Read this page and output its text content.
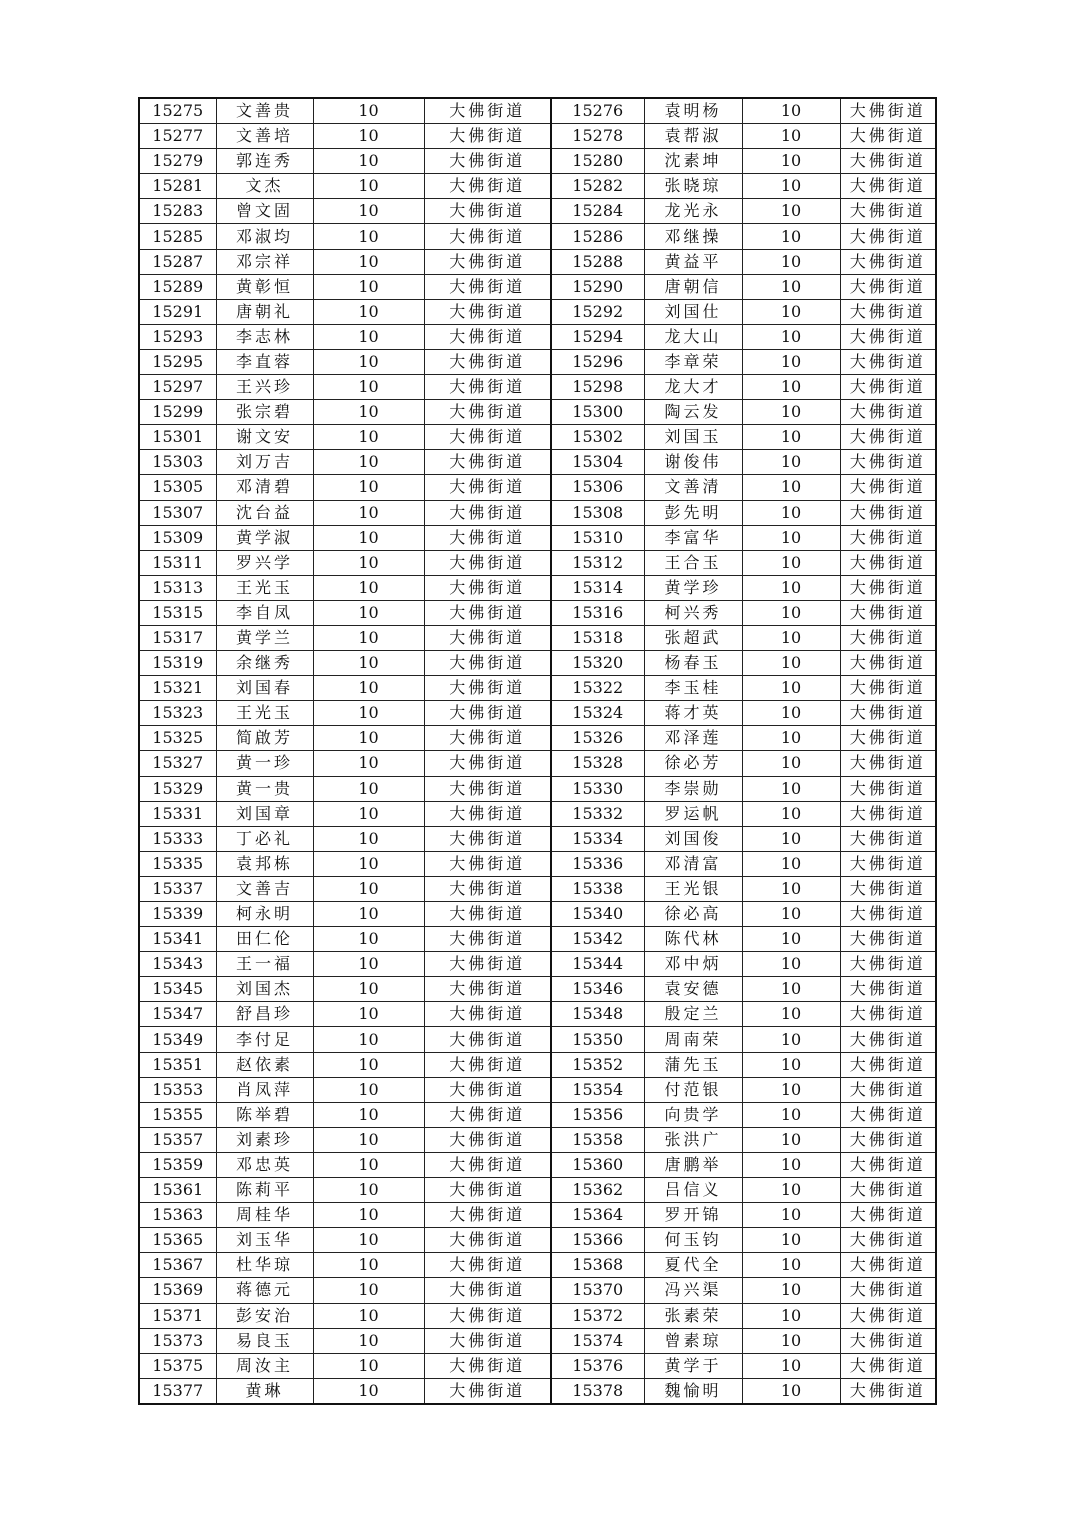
15275	文善贵	10	大佛街道	15276	袁明杨	10	大佛街道
15277	文善培	10	大佛街道	15278	袁帮淑	10	大佛街道
15279	郭连秀	10	大佛街道	15280	沈素坤	10	大佛街道
15281	文杰	10	大佛街道	15282	张晓琼	10	大佛街道
15283	曾文固	10	大佛街道	15284	龙光永	10	大佛街道
15285	邓淑均	10	大佛街道	15286	邓继操	10	大佛街道
15287	邓宗祥	10	大佛街道	15288	黄益平	10	大佛街道
15289	黄彰恒	10	大佛街道	15290	唐朝信	10	大佛街道
15291	唐朝礼	10	大佛街道	15292	刘国仕	10	大佛街道
15293	李志林	10	大佛街道	15294	龙大山	10	大佛街道
15295	李直蓉	10	大佛街道	15296	李章荣	10	大佛街道
15297	王兴珍	10	大佛街道	15298	龙大才	10	大佛街道
15299	张宗碧	10	大佛街道	15300	陶云发	10	大佛街道
15301	谢文安	10	大佛街道	15302	刘国玉	10	大佛街道
15303	刘万吉	10	大佛街道	15304	谢俊伟	10	大佛街道
15305	邓清碧	10	大佛街道	15306	文善清	10	大佛街道
15307	沈台益	10	大佛街道	15308	彭先明	10	大佛街道
15309	黄学淑	10	大佛街道	15310	李富华	10	大佛街道
15311	罗兴学	10	大佛街道	15312	王合玉	10	大佛街道
15313	王光玉	10	大佛街道	15314	黄学珍	10	大佛街道
15315	李自凤	10	大佛街道	15316	柯兴秀	10	大佛街道
15317	黄学兰	10	大佛街道	15318	张超武	10	大佛街道
15319	余继秀	10	大佛街道	15320	杨春玉	10	大佛街道
15321	刘国春	10	大佛街道	15322	李玉桂	10	大佛街道
15323	王光玉	10	大佛街道	15324	蒋才英	10	大佛街道
15325	简啟芳	10	大佛街道	15326	邓泽莲	10	大佛街道
15327	黄一珍	10	大佛街道	15328	徐必芳	10	大佛街道
15329	黄一贵	10	大佛街道	15330	李崇勋	10	大佛街道
15331	刘国章	10	大佛街道	15332	罗运帆	10	大佛街道
15333	丁必礼	10	大佛街道	15334	刘国俊	10	大佛街道
15335	袁邦栋	10	大佛街道	15336	邓清富	10	大佛街道
15337	文善吉	10	大佛街道	15338	王光银	10	大佛街道
15339	柯永明	10	大佛街道	15340	徐必高	10	大佛街道
15341	田仁伦	10	大佛街道	15342	陈代林	10	大佛街道
15343	王一福	10	大佛街道	15344	邓中炳	10	大佛街道
15345	刘国杰	10	大佛街道	15346	袁安德	10	大佛街道
15347	舒昌珍	10	大佛街道	15348	殷定兰	10	大佛街道
15349	李付足	10	大佛街道	15350	周南荣	10	大佛街道
15351	赵依素	10	大佛街道	15352	蒲先玉	10	大佛街道
15353	肖凤萍	10	大佛街道	15354	付范银	10	大佛街道
15355	陈举碧	10	大佛街道	15356	向贵学	10	大佛街道
15357	刘素珍	10	大佛街道	15358	张洪广	10	大佛街道
15359	邓忠英	10	大佛街道	15360	唐鹏举	10	大佛街道
15361	陈莉平	10	大佛街道	15362	吕信义	10	大佛街道
15363	周桂华	10	大佛街道	15364	罗开锦	10	大佛街道
15365	刘玉华	10	大佛街道	15366	何玉钧	10	大佛街道
15367	杜华琼	10	大佛街道	15368	夏代全	10	大佛街道
15369	蒋德元	10	大佛街道	15370	冯兴渠	10	大佛街道
15371	彭安治	10	大佛街道	15372	张素荣	10	大佛街道
15373	易良玉	10	大佛街道	15374	曾素琼	10	大佛街道
15375	周汝主	10	大佛街道	15376	黄学于	10	大佛街道
15377	黄琳	10	大佛街道	15378	魏愉明	10	大佛街道
